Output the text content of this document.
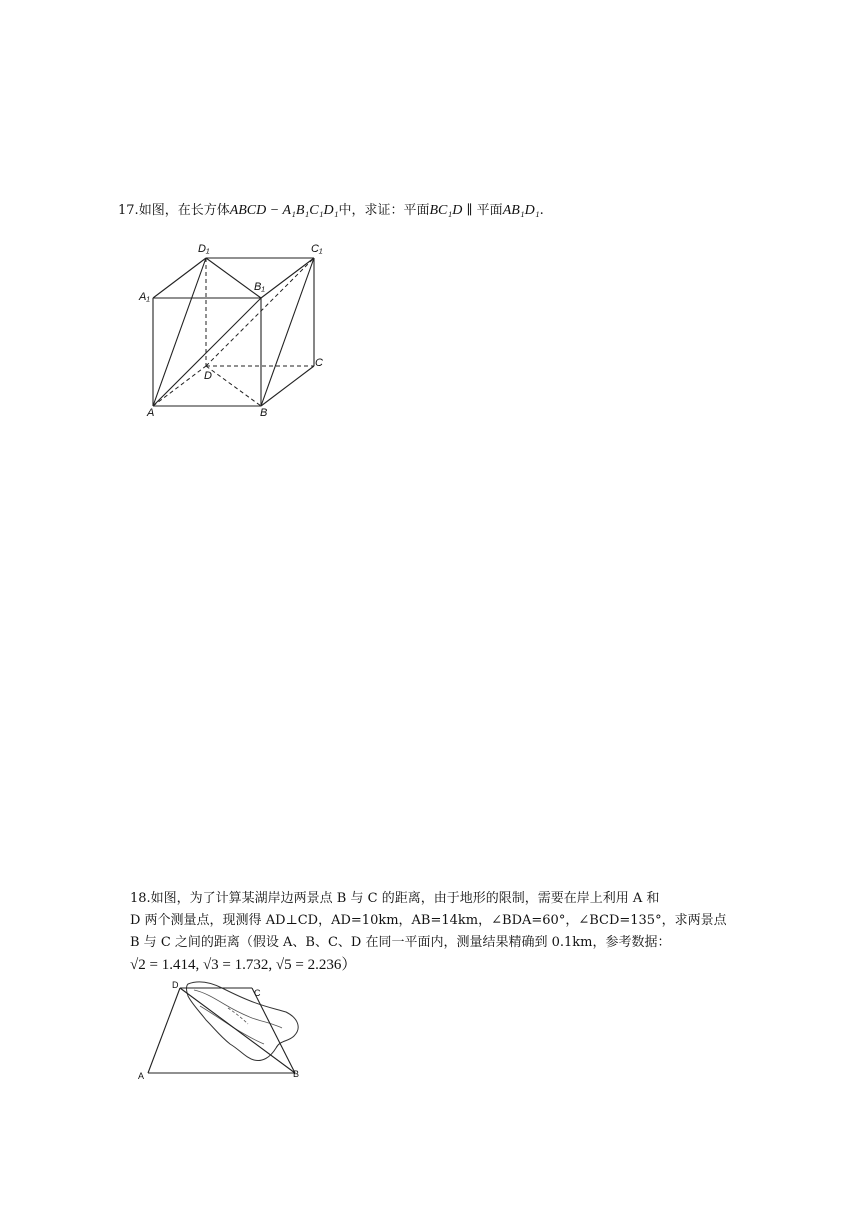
17.如图，在长方体ABCD − A₁B₁C₁D₁中，求证：平面BC₁D ∥ 平面AB₁D₁.
D₁	C₁
B₁
A₁
C
D
A	B
18.如图，为了计算某湖岸边两景点 B 与 C 的距离，由于地形的限制，需要在岸上利用 A 和
D 两个测量点，现测得 AD⊥CD，AD=10km，AB=14km，∠BDA=60°，∠BCD=135°，求两景点
B 与 C 之间的距离（假设 A、B、C、D 在同一平面内，测量结果精确到 0.1km，参考数据：
√2 = 1.414, √3 = 1.732, √5 = 2.236）
D
C
A	B
